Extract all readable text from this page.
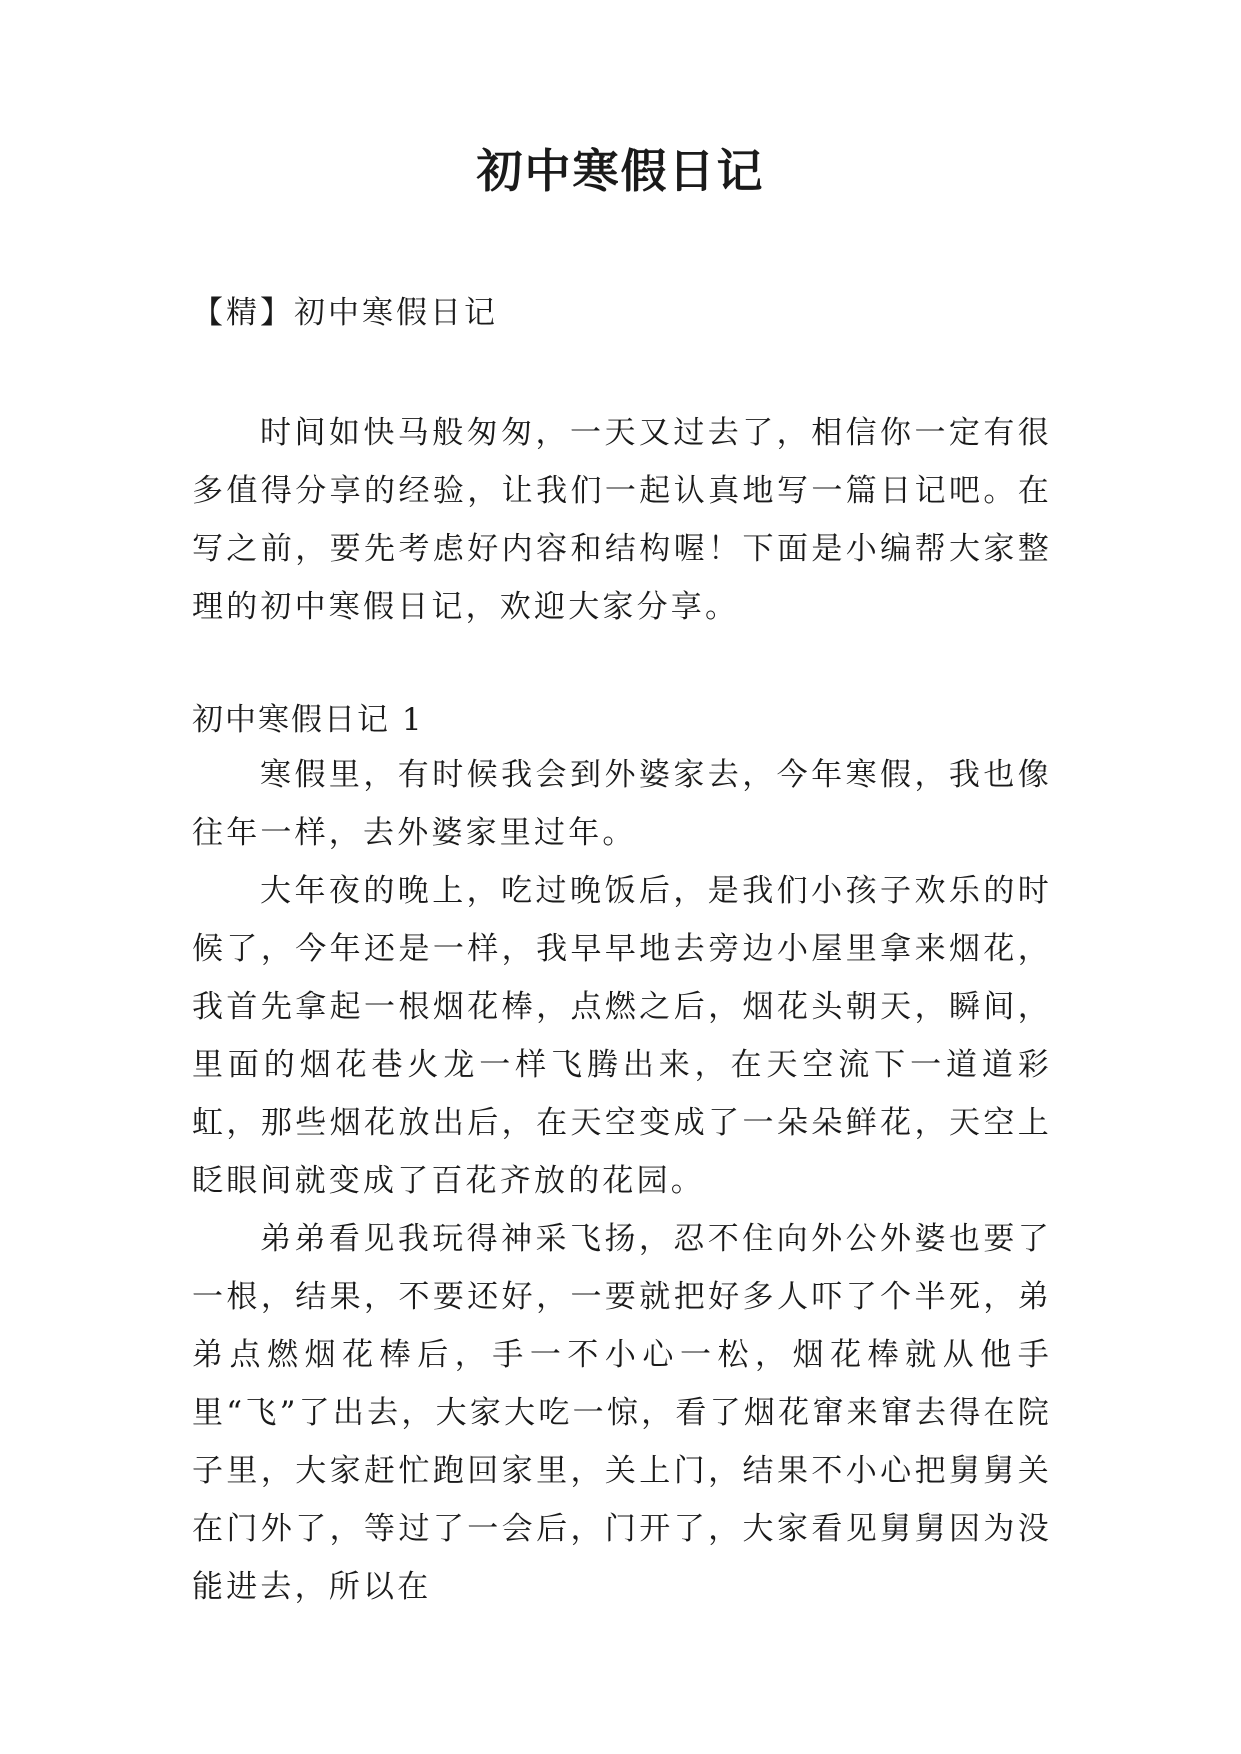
初中寒假日记
【精】初中寒假日记

时间如快马般匆匆，一天又过去了，相信你一定有很多值得分享的经验，让我们一起认真地写一篇日记吧。在写之前，要先考虑好内容和结构喔！下面是小编帮大家整理的初中寒假日记，欢迎大家分享。

初中寒假日记 1

寒假里，有时候我会到外婆家去，今年寒假，我也像往年一样，去外婆家里过年。

大年夜的晚上，吃过晚饭后，是我们小孩子欢乐的时候了，今年还是一样，我早早地去旁边小屋里拿来烟花，我首先拿起一根烟花棒，点燃之后，烟花头朝天，瞬间，里面的烟花巷火龙一样飞腾出来，在天空流下一道道彩虹，那些烟花放出后，在天空变成了一朵朵鲜花，天空上眨眼间就变成了百花齐放的花园。

弟弟看见我玩得神采飞扬，忍不住向外公外婆也要了一根，结果，不要还好，一要就把好多人吓了个半死，弟弟点燃烟花棒后，手一不小心一松，烟花棒就从他手里“飞”了出去，大家大吃一惊，看了烟花窜来窜去得在院子里，大家赶忙跑回家里，关上门，结果不小心把舅舅关在门外了，等过了一会后，门开了，大家看见舅舅因为没能进去，所以在
